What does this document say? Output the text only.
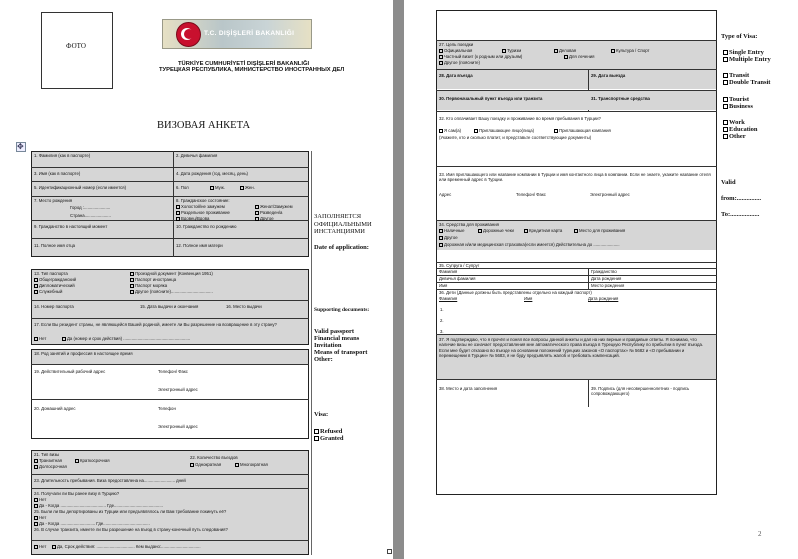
ФОТО
T.C. DIŞİŞLERİ BAKANLIĞI
TÜRKİYE CUMHURİYETİ DIŞİŞLERİ BAKANLIĞI
ТУРЕЦКАЯ РЕСПУБЛИКА, МИНИСТЕРСТВО ИНОСТРАННЫХ ДЕЛ
ВИЗОВАЯ АНКЕТА
✥
1. Фамилия (как в паспорте)	2. Девичья фамилия
3. Имя (как в паспорте)	4. Дата рождения (год, месяц, день)
5. Идентификационный номер (если имеется)	6. Пол	Муж.	Жен.
7. Место рождения
Город :......................
Страна......................
8. Гражданское состояние:
Холостой/не замужем	Женат/Замужем
Раздельное проживание	Разведен/а
Вдовец/Вдова	Другое
9. Гражданство в настоящий момент	10. Гражданство по рождению
11. Полное имя отца	12. Полное имя матери
13. Тип паспорта
Общегражданский
Дипломатический
Служебный
Проездной документ (Конвенция 1951)
Паспорт иностранца
Паспорт моряка
Другое (поясните)...................................
14. Номер паспорта	15. Дата выдачи и окончания	16. Место выдачи
17. Если Вы резидент страны, не являющейся Вашей родиной, имеете ли Вы разрешение на возвращение в эту страну?
Нет	Да (номер и срок действия) ........................................................
18. Род занятий и профессия в настоящее время
19. Действительный рабочий адрес	Телефон/ Факс
Электронный адрес
20. Домашний адрес	Телефон
Электронный адрес
21. Тип визы
Транзитная	Краткосрочная
Долгосрочная
22. Количество въездов
Однократная	Многократная
23. Длительность пребывания. Виза предоставлена на.......................... дней
24. Получали ли Вы ранее визу в Турцию?
Нет
Да - Когда ...................................... Где.........................................
25. Были ли Вы депортированы из Турции или предъявлялось ли Вам требование покинуть её?
Нет
Да - Когда ............................. Где.......................................
26. В случае транзита, имеете ли Вы разрешение на въезд в страну-конечный путь следования?
Нет	Да, Срок действия: ................................ Кем выдано:.................................
ЗАПОЛНЯЕТСЯ ОФИЦИАЛЬНЫМИ ИНСТАНЦИЯМИ
Date of application:
Supporting documents:
Valid passport
Financial means
Invitation
Means of transport
Other:
Visa:
Refused
Granted
27. Цель поездки
Официальная	Туризм	Деловая	Культура / Спорт
Частный визит (к родным или друзьям)	Для лечения
Другое (поясните)
28. Дата въезда	29. Дата выезда
30. Первоначальный пункт въезда или транзита	31. Транспортные средства
32. Кто оплачивает Вашу поездку и проживание во время пребывания в Турции?
Я сам(а)	Приглашающее лицо(лица)	Приглашающая компания
(Укажите, кто и сколько платит, и представьте соответствующие документы)
33. Имя приглашающего или название компании в Турции и имя контактного лица в компании. Если не знаете, укажите название отеля или временный адрес в Турции.
Адрес	Телефон/ Факс	Электронный адрес
34. Средства для проживания
Наличные	Дорожные чеки	Кредитная карта	Место для проживания
Другое
Дорожная и/или медицинская страховка(если имеется) Действительна до ......................
35. Супруга / Супруг
Фамилия	Гражданство
Девичья фамилия	Дата рождения
Имя	Место рождения
36. Дети (Данные должны быть представлены отдельно на каждый паспорт)
Фамилия	Имя	Дата рождения
1.
2.
3.
37. Я подтверждаю, что я прочёл и понял все вопросы данной анкеты и дал на них верные и правдивые ответы. Я понимаю, что наличие визы не означает предоставления мне автоматического права въезда в Турецкую Республику по прибытии в пункт въезда. Если мне будет отказано во въезде на основании положений турецких законов «О паспортах» № 5682 и «О пребывании и перемещении в Турции» № 5683, я не буду предъявлять жалоб и требовать компенсаций.
38. Место и дата заполнения	39. Подпись (для несовершеннолетних - подпись сопровождающего)
Type of Visa:
Single Entry
Multiple Entry
Transit
Double Transit
Tourist
Business
Work
Education
Other
Valid
from:...............
To:..................
2
